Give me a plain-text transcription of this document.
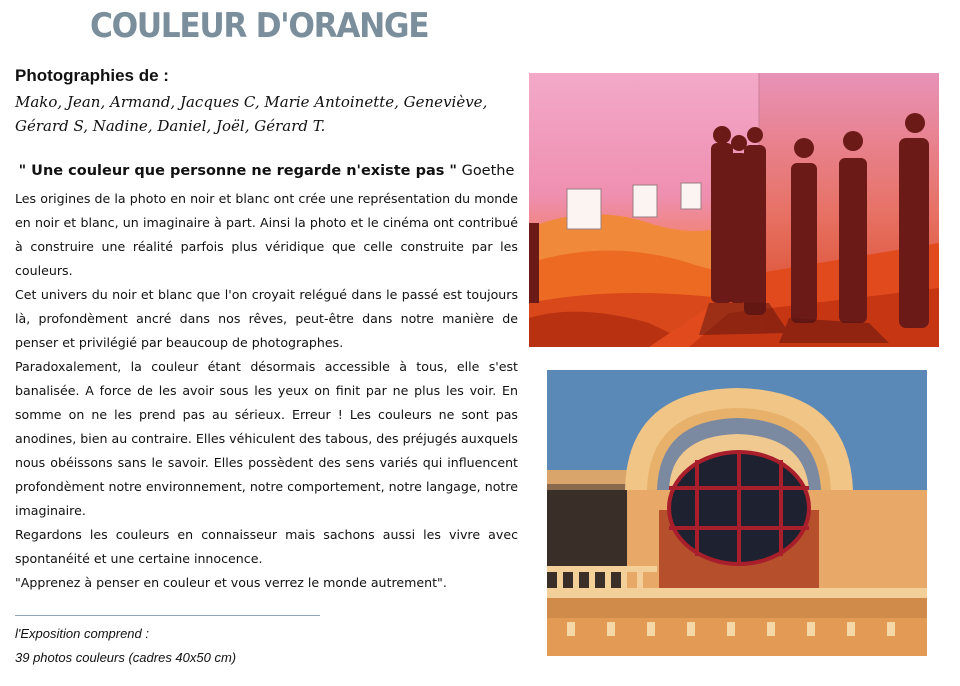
COULEUR D'ORANGE
Photographies de :
Mako, Jean, Armand, Jacques C, Marie Antoinette, Geneviève,
Gérard S, Nadine, Daniel, Joël, Gérard T.
" Une couleur que personne ne regarde n'existe pas " Goethe

Les origines de la photo en noir et blanc ont crée une représentation du monde en noir et blanc, un imaginaire à part. Ainsi la photo et le cinéma ont contribué à construire une réalité parfois plus véridique que celle construite par les couleurs.

Cet univers du noir et blanc que l'on croyait relégué dans le passé est toujours là, profondèment ancré dans nos rêves, peut-être dans notre manière de penser et privilégié par beaucoup de photographes.

Paradoxalement, la couleur étant désormais accessible à tous, elle s'est banalisée. A force de les avoir sous les yeux on finit par ne plus les voir. En somme on ne les prend pas au sérieux. Erreur ! Les couleurs ne sont pas anodines, bien au contraire. Elles véhiculent des tabous, des préjugés auxquels nous obéissons sans le savoir. Elles possèdent des sens variés qui influencent profondèment notre environnement, notre comportement, notre langage, notre imaginaire.

Regardons les couleurs en connaisseur mais sachons aussi les vivre avec spontanéité et une certaine innocence.

"Apprenez à penser en couleur et vous verrez le monde autrement".

l'Exposition comprend :
39 photos couleurs (cadres 40x50 cm)
